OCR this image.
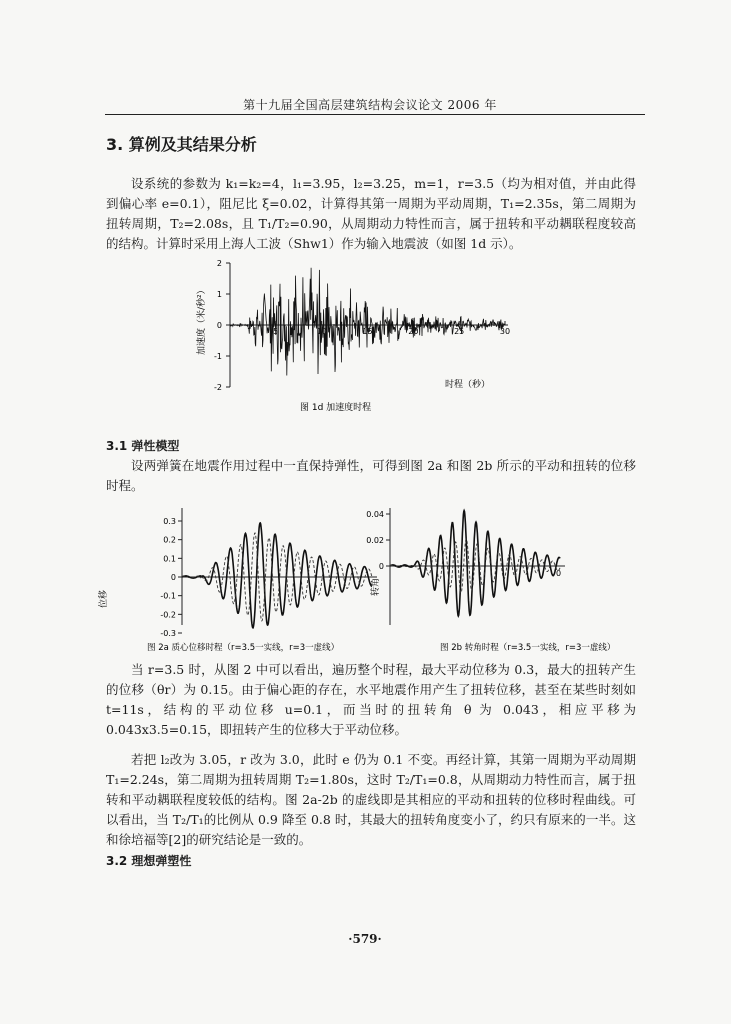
第十九届全国高层建筑结构会议论文 2006 年
3. 算例及其结果分析
设系统的参数为 k₁=k₂=4，l₁=3.95，l₂=3.25，m=1，r=3.5（均为相对值，并由此得到偏心率 e=0.1），阻尼比 ξ=0.02，计算得其第一周期为平动周期，T₁=2.35s，第二周期为扭转周期，T₂=2.08s，且 T₁/T₂=0.90，从周期动力特性而言，属于扭转和平动耦联程度较高的结构。计算时采用上海人工波（Shw1）作为输入地震波（如图 1d 示）。
2
1
0
-1
-2
5	10	15	20	25	30
加速度（米/秒²）
时程（秒）
图 1d 加速度时程
3.1 弹性模型
设两弹簧在地震作用过程中一直保持弹性，可得到图 2a 和图 2b 所示的平动和扭转的位移时程。
0.3
0.2
0.1
0
-0.1
-0.2
-0.3
位移
图 2a 质心位移时程（r=3.5一实线，r=3一虚线）
0.04
0.02
0
0
转角
图 2b 转角时程（r=3.5一实线，r=3一虚线）
当 r=3.5 时，从图 2 中可以看出，遍历整个时程，最大平动位移为 0.3，最大的扭转产生的位移（θr）为 0.15。由于偏心距的存在，水平地震作用产生了扭转位移，甚至在某些时刻如 t=11s，结构的平动位移 u=0.1，而当时的扭转角 θ 为 0.043，相应平移为 0.043x3.5=0.15，即扭转产生的位移大于平动位移。
若把 l₂改为 3.05，r 改为 3.0，此时 e 仍为 0.1 不变。再经计算，其第一周期为平动周期 T₁=2.24s，第二周期为扭转周期 T₂=1.80s，这时 T₂/T₁=0.8，从周期动力特性而言，属于扭转和平动耦联程度较低的结构。图 2a-2b 的虚线即是其相应的平动和扭转的位移时程曲线。可以看出，当 T₂/T₁的比例从 0.9 降至 0.8 时，其最大的扭转角度变小了，约只有原来的一半。这和徐培福等[2]的研究结论是一致的。
3.2 理想弹塑性
·579·
